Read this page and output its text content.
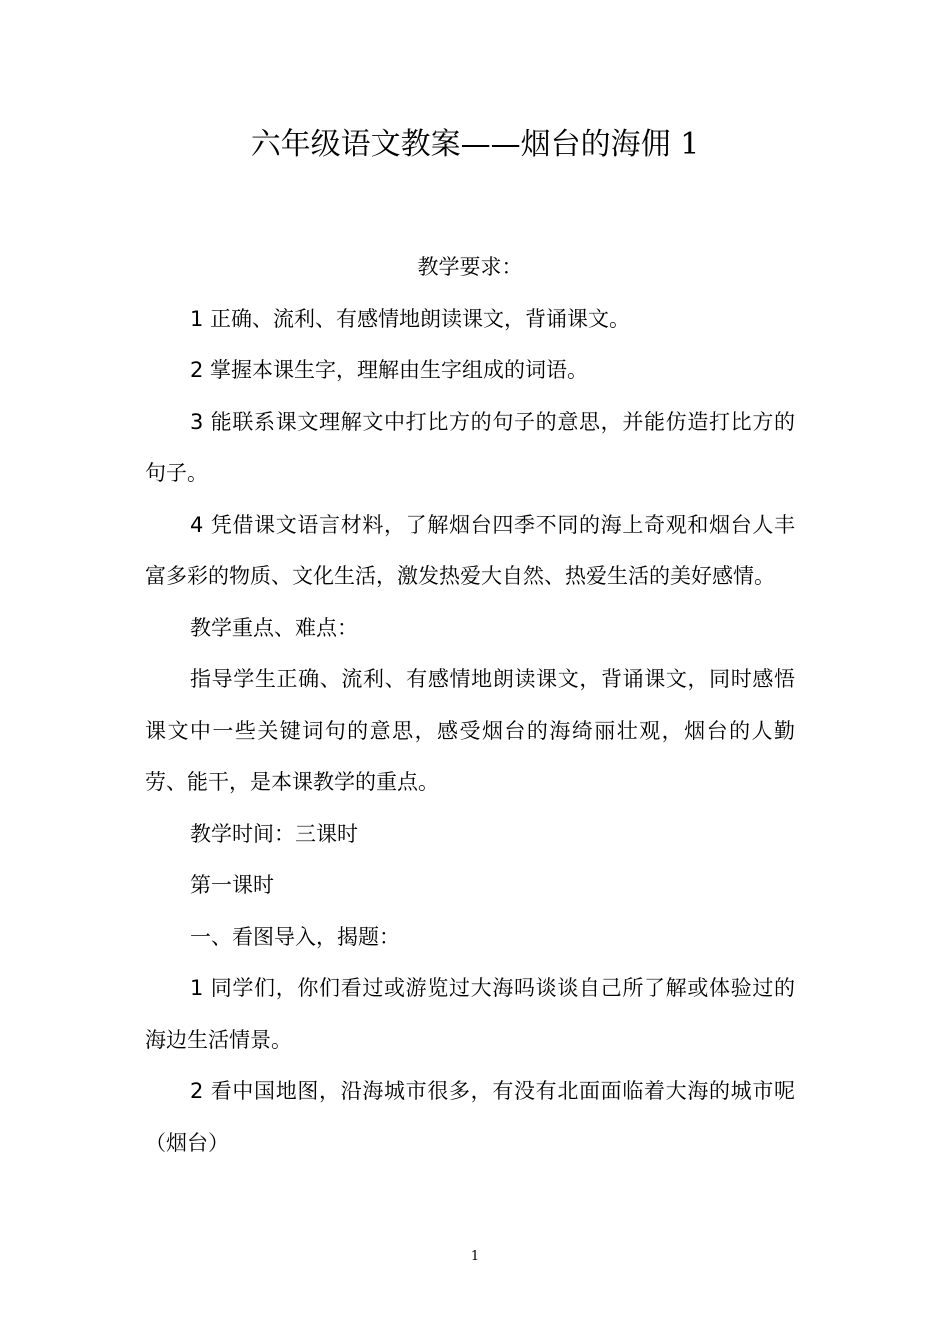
六年级语文教案——烟台的海佣 1

教学要求：

1 正确、流利、有感情地朗读课文，背诵课文。

2 掌握本课生字，理解由生字组成的词语。

3 能联系课文理解文中打比方的句子的意思，并能仿造打比方的句子。

4 凭借课文语言材料，了解烟台四季不同的海上奇观和烟台人丰富多彩的物质、文化生活，激发热爱大自然、热爱生活的美好感情。

教学重点、难点：

指导学生正确、流利、有感情地朗读课文，背诵课文，同时感悟课文中一些关键词句的意思，感受烟台的海绮丽壮观，烟台的人勤劳、能干，是本课教学的重点。

教学时间：三课时

第一课时

一、看图导入，揭题：

1 同学们，你们看过或游览过大海吗谈谈自己所了解或体验过的海边生活情景。

2 看中国地图，沿海城市很多，有没有北面面临着大海的城市呢（烟台）

1
